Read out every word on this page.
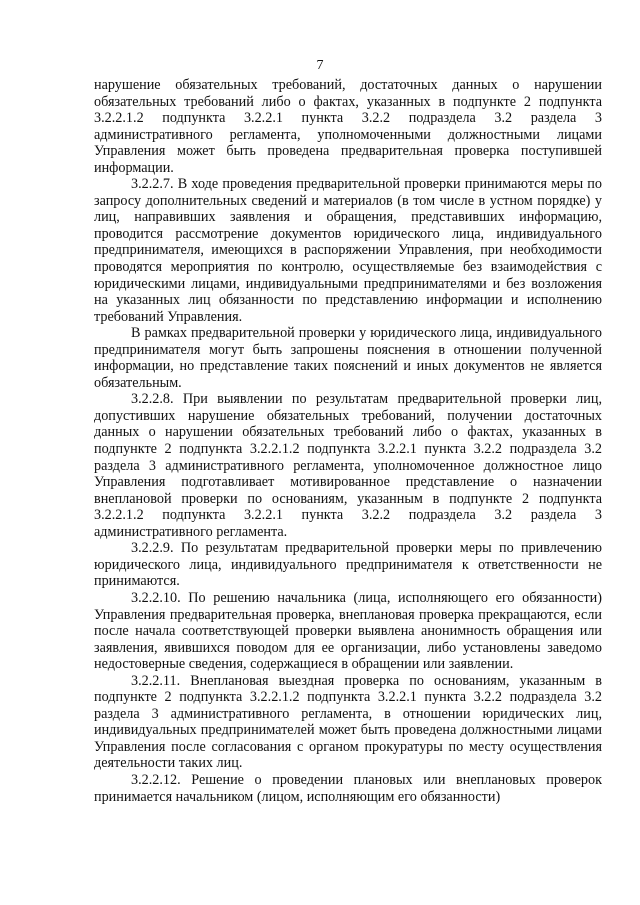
7

нарушение обязательных требований, достаточных данных о нарушении обязательных требований либо о фактах, указанных в подпункте 2 подпункта 3.2.2.1.2 подпункта 3.2.2.1 пункта 3.2.2 подраздела 3.2 раздела 3 административного регламента, уполномоченными должностными лицами Управления может быть проведена предварительная проверка поступившей информации.

3.2.2.7. В ходе проведения предварительной проверки принимаются меры по запросу дополнительных сведений и материалов (в том числе в устном порядке) у лиц, направивших заявления и обращения, представивших информацию, проводится рассмотрение документов юридического лица, индивидуального предпринимателя, имеющихся в распоряжении Управления, при необходимости проводятся мероприятия по контролю, осуществляемые без взаимодействия с юридическими лицами, индивидуальными предпринимателями и без возложения на указанных лиц обязанности по представлению информации и исполнению требований Управления.

В рамках предварительной проверки у юридического лица, индивидуального предпринимателя могут быть запрошены пояснения в отношении полученной информации, но представление таких пояснений и иных документов не является обязательным.

3.2.2.8. При выявлении по результатам предварительной проверки лиц, допустивших нарушение обязательных требований, получении достаточных данных о нарушении обязательных требований либо о фактах, указанных в подпункте 2 подпункта 3.2.2.1.2 подпункта 3.2.2.1 пункта 3.2.2 подраздела 3.2 раздела 3 административного регламента, уполномоченное должностное лицо Управления подготавливает мотивированное представление о назначении внеплановой проверки по основаниям, указанным в подпункте 2 подпункта 3.2.2.1.2 подпункта 3.2.2.1 пункта 3.2.2 подраздела 3.2 раздела 3 административного регламента.

3.2.2.9. По результатам предварительной проверки меры по привлечению юридического лица, индивидуального предпринимателя к ответственности не принимаются.

3.2.2.10. По решению начальника (лица, исполняющего его обязанности) Управления предварительная проверка, внеплановая проверка прекращаются, если после начала соответствующей проверки выявлена анонимность обращения или заявления, явившихся поводом для ее организации, либо установлены заведомо недостоверные сведения, содержащиеся в обращении или заявлении.

3.2.2.11. Внеплановая выездная проверка по основаниям, указанным в подпункте 2 подпункта 3.2.2.1.2 подпункта 3.2.2.1 пункта 3.2.2 подраздела 3.2 раздела 3 административного регламента, в отношении юридических лиц, индивидуальных предпринимателей может быть проведена должностными лицами Управления после согласования с органом прокуратуры по месту осуществления деятельности таких лиц.

3.2.2.12. Решение о проведении плановых или внеплановых проверок принимается начальником (лицом, исполняющим его обязанности)
